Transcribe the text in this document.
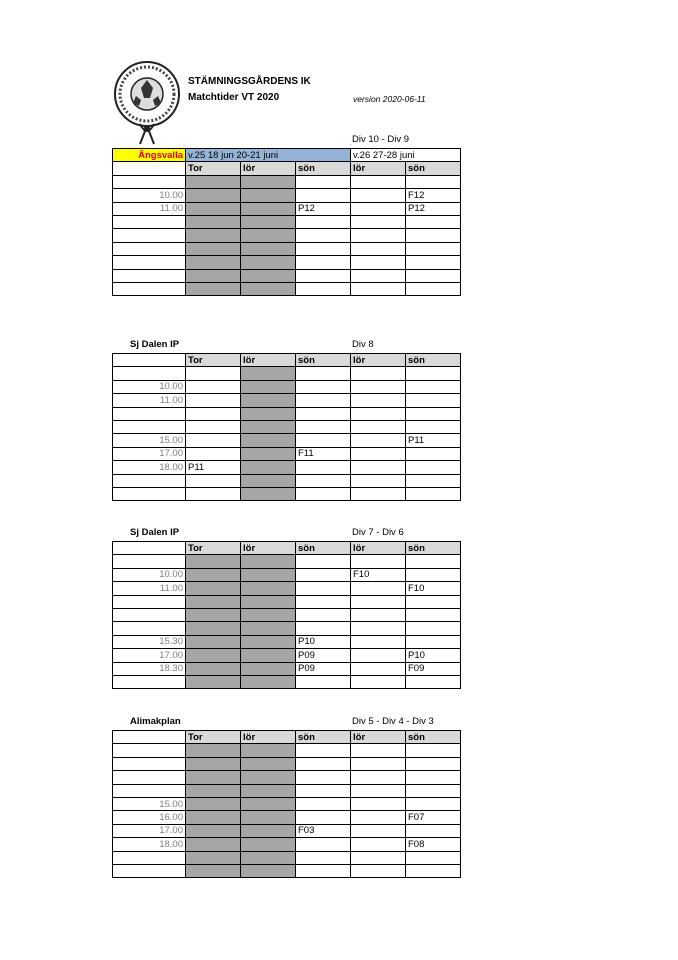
STÄMNINGSGÅRDENS IK
Matchtider VT 2020	version 2020-06-11
Div 10 - Div 9
Ängsvalla	v.25 18 jun 20-21 juni			v.26 27-28 juni	
	Tor	lör	sön	lör	sön

10.00					F12
11.00			P12		P12

Sj Dalen IP	Div 8
	Tor	lör	sön	lör	sön

10.00					
11.00					

15.00					P11
17.00			F11		
18.00	P11				

Sj Dalen IP	Div 7 - Div 6
	Tor	lör	sön	lör	sön

10.00				F10	
11.00					F10

15.30			P10		
17.00			P09		P10
18.30			P09		F09

Alimakplan	Div 5 - Div 4 - Div 3
	Tor	lör	sön	lör	sön

15.00					
16.00					F07
17.00			F03		
18.00					F08
